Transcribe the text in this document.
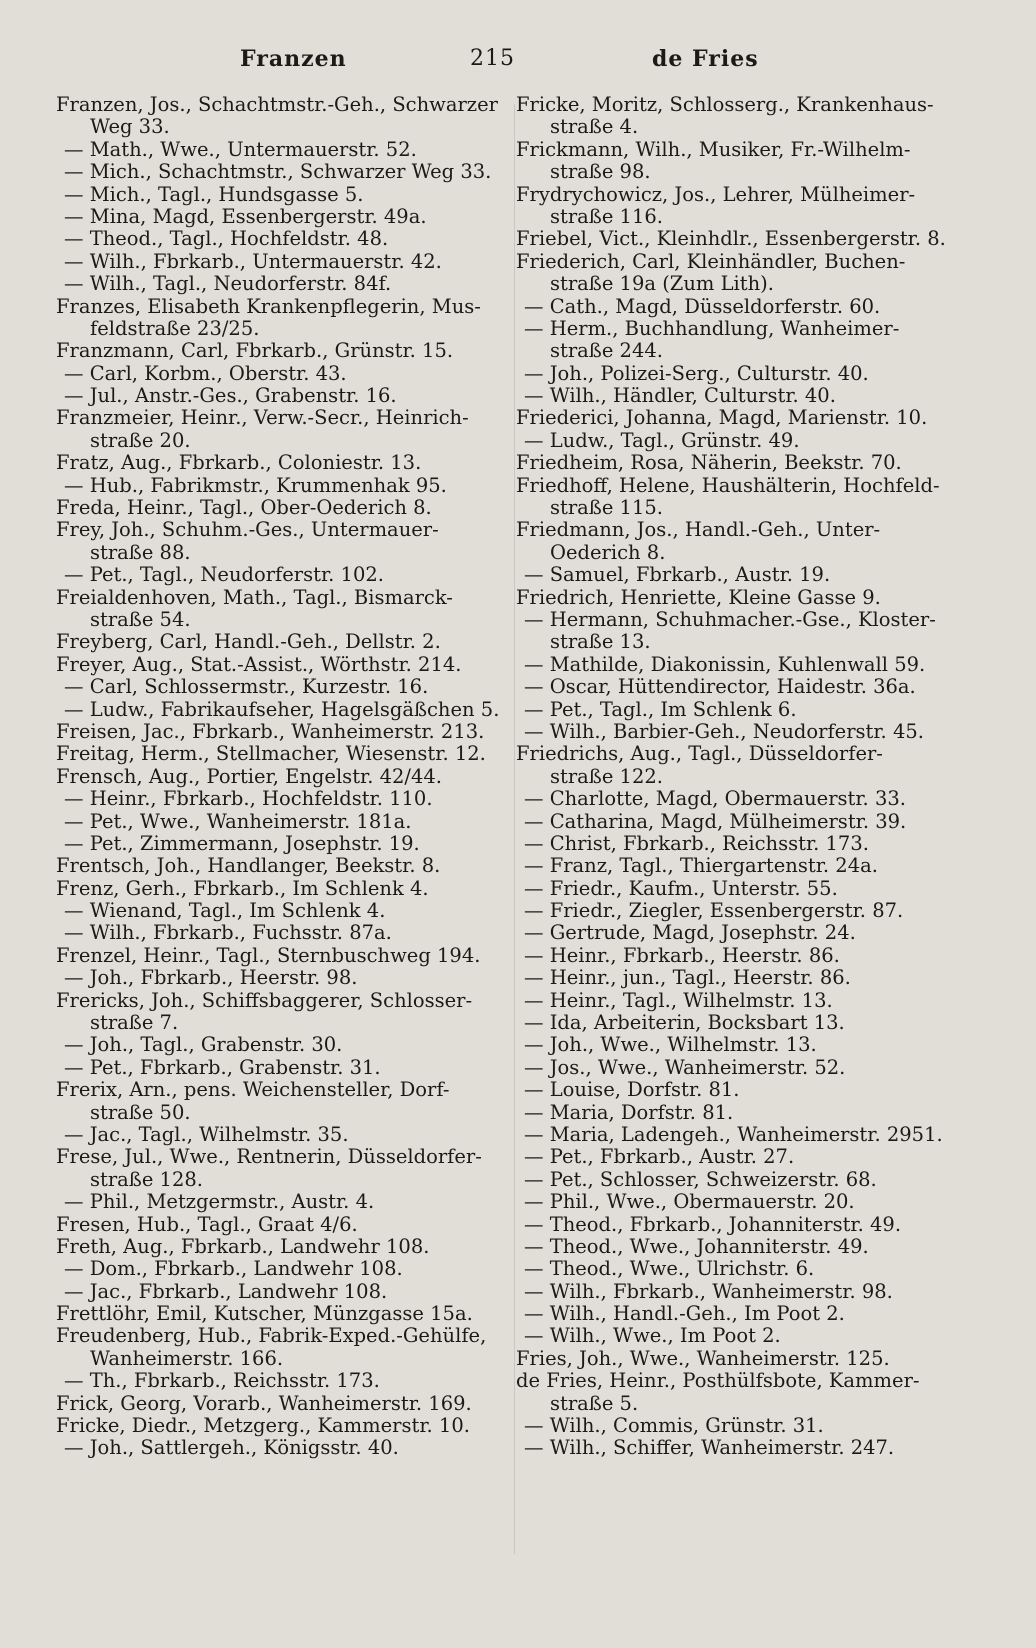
Franzen	215	de Fries
Franzen, Jos., Schachtmstr.-Geh., Schwarzer
Weg 33.
— Math., Wwe., Untermauerstr. 52.
— Mich., Schachtmstr., Schwarzer Weg 33.
— Mich., Tagl., Hundsgasse 5.
— Mina, Magd, Essenbergerstr. 49a.
— Theod., Tagl., Hochfeldstr. 48.
— Wilh., Fbrkarb., Untermauerstr. 42.
— Wilh., Tagl., Neudorferstr. 84f.
Franzes, Elisabeth Krankenpflegerin, Mus-
feldstraße 23/25.
Franzmann, Carl, Fbrkarb., Grünstr. 15.
— Carl, Korbm., Oberstr. 43.
— Jul., Anstr.-Ges., Grabenstr. 16.
Franzmeier, Heinr., Verw.-Secr., Heinrich-
straße 20.
Fratz, Aug., Fbrkarb., Coloniestr. 13.
— Hub., Fabrikmstr., Krummenhak 95.
Freda, Heinr., Tagl., Ober-Oederich 8.
Frey, Joh., Schuhm.-Ges., Untermauer-
straße 88.
— Pet., Tagl., Neudorferstr. 102.
Freialdenhoven, Math., Tagl., Bismarck-
straße 54.
Freyberg, Carl, Handl.-Geh., Dellstr. 2.
Freyer, Aug., Stat.-Assist., Wörthstr. 214.
— Carl, Schlossermstr., Kurzestr. 16.
— Ludw., Fabrikaufseher, Hagelsgäßchen 5.
Freisen, Jac., Fbrkarb., Wanheimerstr. 213.
Freitag, Herm., Stellmacher, Wiesenstr. 12.
Frensch, Aug., Portier, Engelstr. 42/44.
— Heinr., Fbrkarb., Hochfeldstr. 110.
— Pet., Wwe., Wanheimerstr. 181a.
— Pet., Zimmermann, Josephstr. 19.
Frentsch, Joh., Handlanger, Beekstr. 8.
Frenz, Gerh., Fbrkarb., Im Schlenk 4.
— Wienand, Tagl., Im Schlenk 4.
— Wilh., Fbrkarb., Fuchsstr. 87a.
Frenzel, Heinr., Tagl., Sternbuschweg 194.
— Joh., Fbrkarb., Heerstr. 98.
Frericks, Joh., Schiffsbaggerer, Schlosser-
straße 7.
— Joh., Tagl., Grabenstr. 30.
— Pet., Fbrkarb., Grabenstr. 31.
Frerix, Arn., pens. Weichensteller, Dorf-
straße 50.
— Jac., Tagl., Wilhelmstr. 35.
Frese, Jul., Wwe., Rentnerin, Düsseldorfer-
straße 128.
— Phil., Metzgermstr., Austr. 4.
Fresen, Hub., Tagl., Graat 4/6.
Freth, Aug., Fbrkarb., Landwehr 108.
— Dom., Fbrkarb., Landwehr 108.
— Jac., Fbrkarb., Landwehr 108.
Frettlöhr, Emil, Kutscher, Münzgasse 15a.
Freudenberg, Hub., Fabrik-Exped.-Gehülfe,
Wanheimerstr. 166.
— Th., Fbrkarb., Reichsstr. 173.
Frick, Georg, Vorarb., Wanheimerstr. 169.
Fricke, Diedr., Metzgerg., Kammerstr. 10.
— Joh., Sattlergeh., Königsstr. 40.
Fricke, Moritz, Schlosserg., Krankenhaus-
straße 4.
Frickmann, Wilh., Musiker, Fr.-Wilhelm-
straße 98.
Frydrychowicz, Jos., Lehrer, Mülheimer-
straße 116.
Friebel, Vict., Kleinhdlr., Essenbergerstr. 8.
Friederich, Carl, Kleinhändler, Buchen-
straße 19a (Zum Lith).
— Cath., Magd, Düsseldorferstr. 60.
— Herm., Buchhandlung, Wanheimer-
straße 244.
— Joh., Polizei-Serg., Culturstr. 40.
— Wilh., Händler, Culturstr. 40.
Friederici, Johanna, Magd, Marienstr. 10.
— Ludw., Tagl., Grünstr. 49.
Friedheim, Rosa, Näherin, Beekstr. 70.
Friedhoff, Helene, Haushälterin, Hochfeld-
straße 115.
Friedmann, Jos., Handl.-Geh., Unter-
Oederich 8.
— Samuel, Fbrkarb., Austr. 19.
Friedrich, Henriette, Kleine Gasse 9.
— Hermann, Schuhmacher.-Gse., Kloster-
straße 13.
— Mathilde, Diakonissin, Kuhlenwall 59.
— Oscar, Hüttendirector, Haidestr. 36a.
— Pet., Tagl., Im Schlenk 6.
— Wilh., Barbier-Geh., Neudorferstr. 45.
Friedrichs, Aug., Tagl., Düsseldorfer-
straße 122.
— Charlotte, Magd, Obermauerstr. 33.
— Catharina, Magd, Mülheimerstr. 39.
— Christ, Fbrkarb., Reichsstr. 173.
— Franz, Tagl., Thiergartenstr. 24a.
— Friedr., Kaufm., Unterstr. 55.
— Friedr., Ziegler, Essenbergerstr. 87.
— Gertrude, Magd, Josephstr. 24.
— Heinr., Fbrkarb., Heerstr. 86.
— Heinr., jun., Tagl., Heerstr. 86.
— Heinr., Tagl., Wilhelmstr. 13.
— Ida, Arbeiterin, Bocksbart 13.
— Joh., Wwe., Wilhelmstr. 13.
— Jos., Wwe., Wanheimerstr. 52.
— Louise, Dorfstr. 81.
— Maria, Dorfstr. 81.
— Maria, Ladengeh., Wanheimerstr. 2951.
— Pet., Fbrkarb., Austr. 27.
— Pet., Schlosser, Schweizerstr. 68.
— Phil., Wwe., Obermauerstr. 20.
— Theod., Fbrkarb., Johanniterstr. 49.
— Theod., Wwe., Johanniterstr. 49.
— Theod., Wwe., Ulrichstr. 6.
— Wilh., Fbrkarb., Wanheimerstr. 98.
— Wilh., Handl.-Geh., Im Poot 2.
— Wilh., Wwe., Im Poot 2.
Fries, Joh., Wwe., Wanheimerstr. 125.
de Fries, Heinr., Posthülfsbote, Kammer-
straße 5.
— Wilh., Commis, Grünstr. 31.
— Wilh., Schiffer, Wanheimerstr. 247.
